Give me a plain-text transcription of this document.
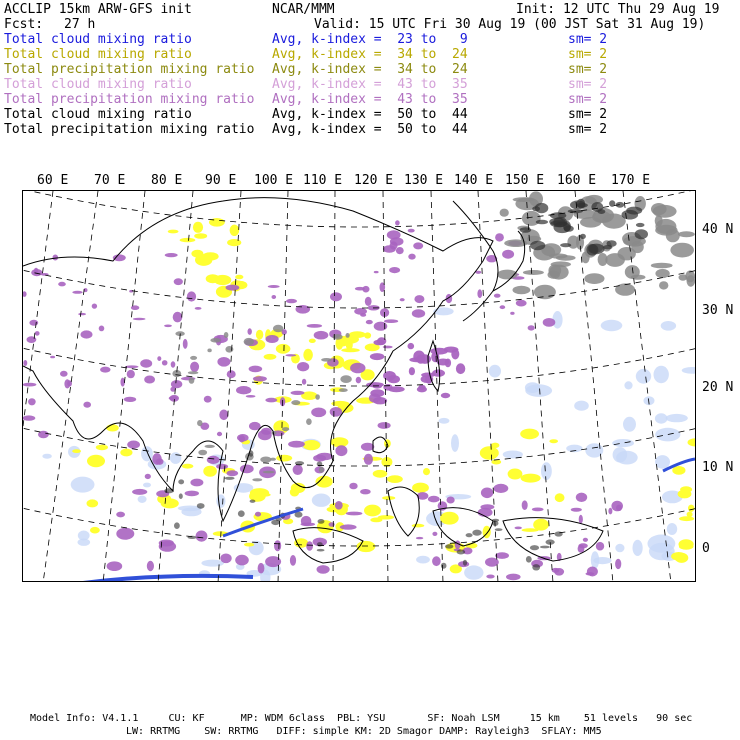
ACCLIP 15km ARW-GFS init	NCAR/MMM	Init: 12 UTC Thu 29 Aug 19
Fcst: 27 h	Valid: 15 UTC Fri 30 Aug 19 (00 JST Sat 31 Aug 19)
Total cloud mixing ratio	Avg, k-index =  23 to   9	sm= 2
Total cloud mixing ratio	Avg, k-index =  34 to  24	sm= 2
Total precipitation mixing ratio Avg, k-index =  34 to  24	sm= 2
Total cloud mixing ratio	Avg, k-index =  43 to  35	sm= 2
Total precipitation mixing ratio Avg, k-index =  43 to  35	sm= 2
Total cloud mixing ratio	Avg, k-index =  50 to  44	sm= 2
Total precipitation mixing ratio Avg, k-index =  50 to  44	sm= 2
60 E 70 E 80 E 90 E 100 E 110 E 120 E 130 E 140 E 150 E 160 E 170 E
40 N
30 N
20 N
10 N
0
Model Info: V4.1.1     CU: KF      MP: WDM 6class  PBL: YSU       SF: Noah LSM     15 km    51 levels   90 sec
LW: RRTMG    SW: RRTMG   DIFF: simple KM: 2D Smagor DAMP: Rayleigh3  SFLAY: MM5
